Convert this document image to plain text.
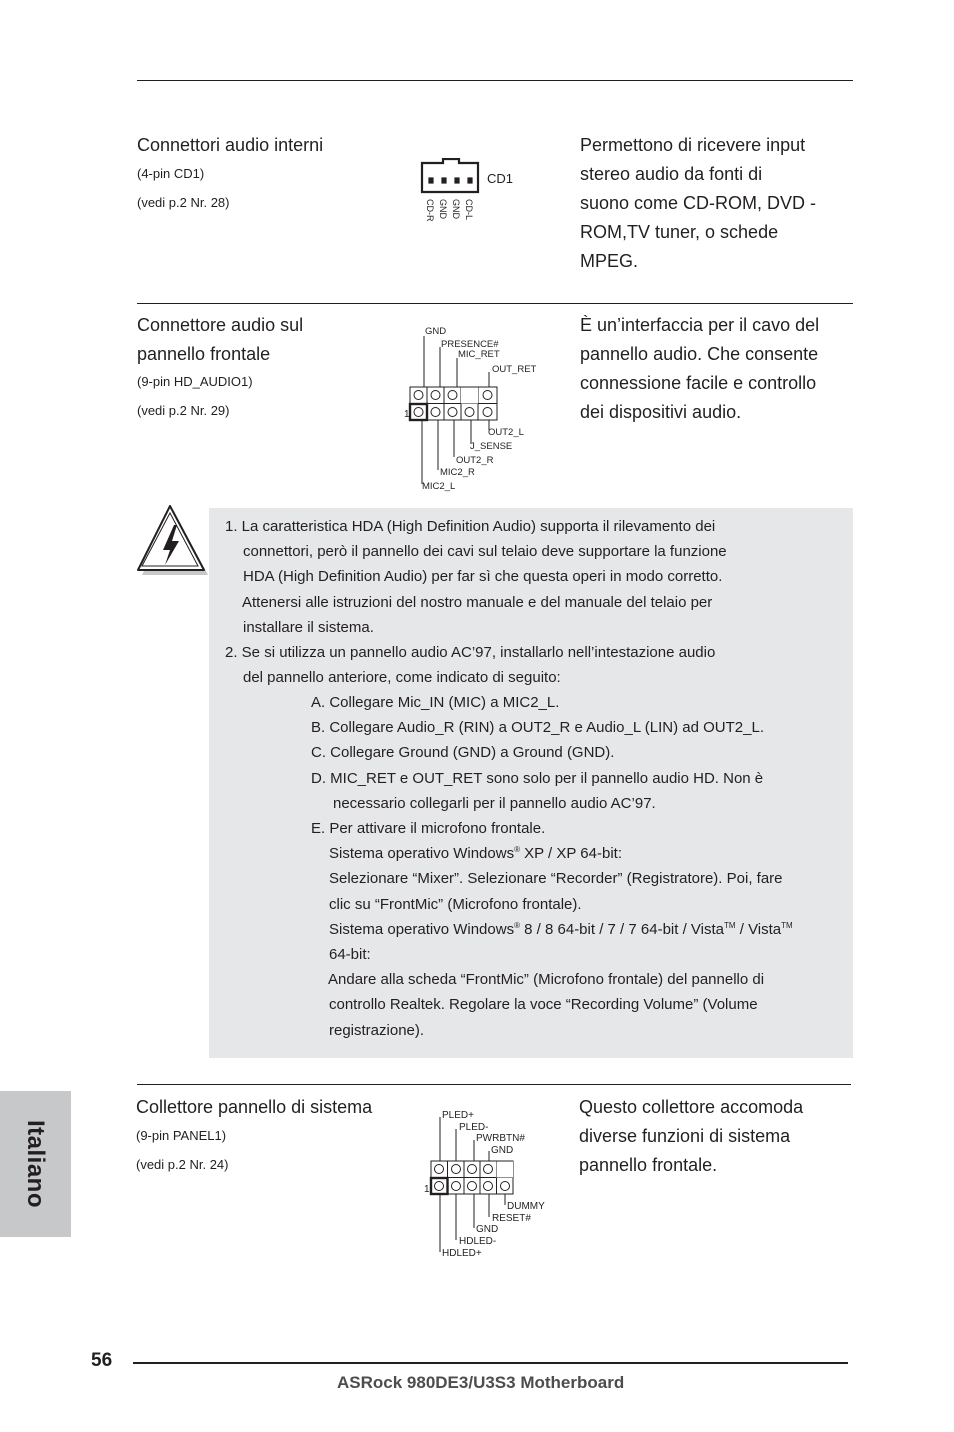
Connettori audio interni
(4-pin CD1)
(vedi p.2 Nr. 28)
CD1
CD-R GND GND CD-L
Permettono di ricevere input
stereo audio da fonti di
suono come CD-ROM, DVD -
ROM,TV tuner, o schede
MPEG.
Connettore audio sul
pannello frontale
(9-pin HD_AUDIO1)
(vedi p.2 Nr. 29)	1
GND
PRESENCE#
MIC_RET
OUT_RET
OUT2_L
J_SENSE
OUT2_R
MIC2_R
MIC2_L
È un’interfaccia per il cavo del
pannello audio. Che consente
connessione facile e controllo
dei dispositivi audio.
1. La caratteristica HDA (High Definition Audio) supporta il rilevamento dei
connettori, però il pannello dei cavi sul telaio deve supportare la funzione
HDA (High Definition Audio) per far sì che questa operi in modo corretto.
Attenersi alle istruzioni del nostro manuale e del manuale del telaio per
installare il sistema.
2. Se si utilizza un pannello audio AC’97, installarlo nell’intestazione audio
del pannello anteriore, come indicato di seguito:
A. Collegare Mic_IN (MIC) a MIC2_L.
B. Collegare Audio_R (RIN) a OUT2_R e Audio_L (LIN) ad OUT2_L.
C. Collegare Ground (GND) a Ground (GND).
D. MIC_RET e OUT_RET sono solo per il pannello audio HD. Non è
necessario collegarli per il pannello audio AC’97.
E. Per attivare il microfono frontale.
Sistema operativo Windows® XP / XP 64-bit:
Selezionare “Mixer”. Selezionare “Recorder” (Registratore). Poi, fare
clic su “FrontMic” (Microfono frontale).
Sistema operativo Windows® 8 / 8 64-bit / 7 / 7 64-bit / Vista™ / Vista™
64-bit:
Andare alla scheda “FrontMic” (Microfono frontale) del pannello di
controllo Realtek. Regolare la voce “Recording Volume” (Volume
registrazione).
Collettore pannello di sistema
(9-pin PANEL1)
(vedi p.2 Nr. 24)
1
PLED+
PLED-
PWRBTN#
GND
DUMMY
RESET#
GND
HDLED-
HDLED+
Questo collettore accomoda
diverse funzioni di sistema
pannello frontale.
Italiano
56
ASRock 980DE3/U3S3 Motherboard
